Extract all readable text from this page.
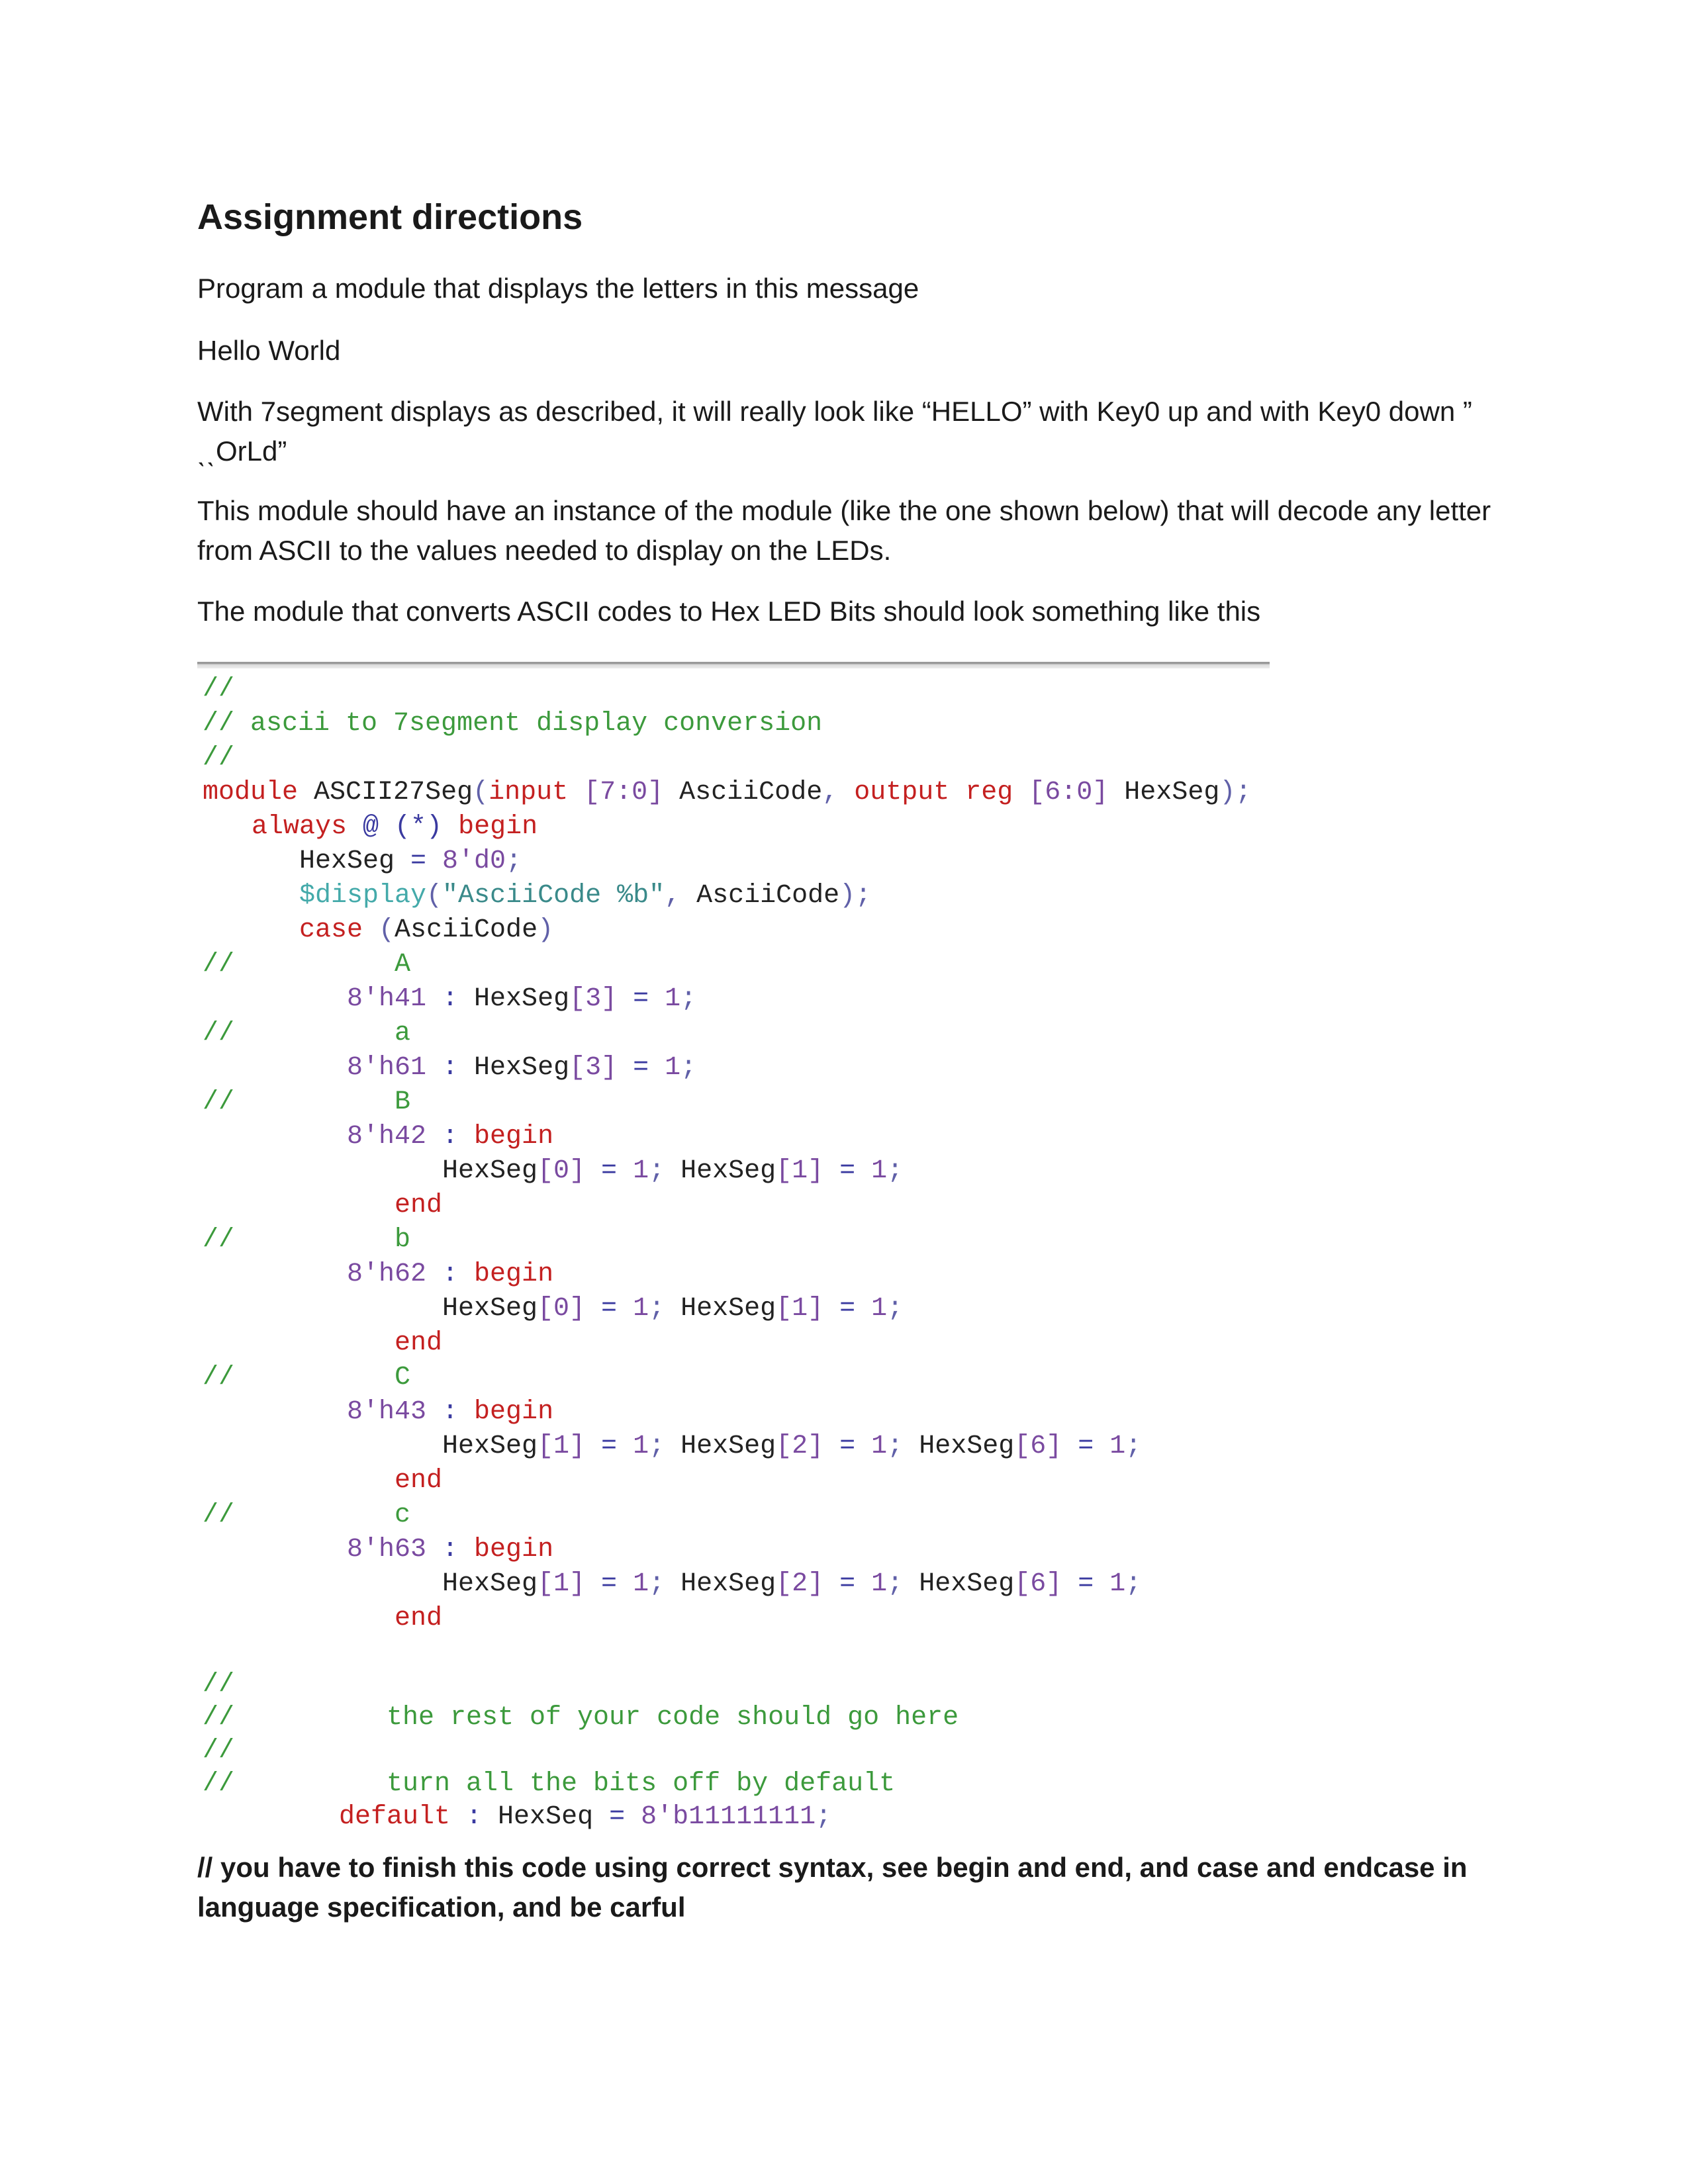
Assignment directions

Program a module that displays the letters in this message

Hello World

With 7segment displays as described, it will really look like “HELLO” with Key0 up and with Key0 down ”
ˎˎOrLd”

This module should have an instance of the module (like the one shown below) that will decode any letter from ASCII to the values needed to display on the LEDs.

The module that converts ASCII codes to Hex LED Bits should look something like this

//
// ascii to 7segment display conversion
//
module ASCII27Seg(input [7:0] AsciiCode, output reg [6:0] HexSeg);
always @ (*) begin
HexSeg = 8'd0;
$display("AsciiCode %b", AsciiCode);
case (AsciiCode)
//	A
8'h41 : HexSeg[3] = 1;
//	a
8'h61 : HexSeg[3] = 1;
//	B
8'h42 : begin
HexSeg[0] = 1; HexSeg[1] = 1;
end
//	b
8'h62 : begin
HexSeg[0] = 1; HexSeg[1] = 1;
end
//	C
8'h43 : begin
HexSeg[1] = 1; HexSeg[2] = 1; HexSeg[6] = 1;
end
//	c
8'h63 : begin
HexSeg[1] = 1; HexSeg[2] = 1; HexSeg[6] = 1;
end
//
//	the rest of your code should go here
//
//	turn all the bits off by default
default : HexSeq = 8'b11111111;

// you have to finish this code using correct syntax, see begin and end, and case and endcase in language specification, and be carful
